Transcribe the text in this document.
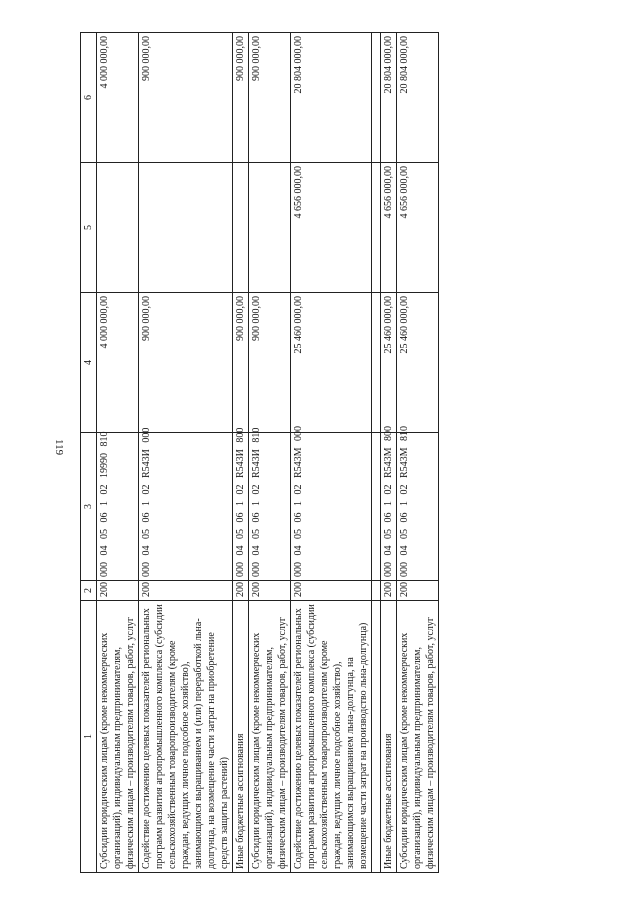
119
1	2	3	4	5	6
Субсидии юридическим лицам (кроме некоммерческих организаций), индивидуальным предпринимателям, физическим лицам – производителям товаров, работ, услуг	200	000 04 05 06 1 02 19990 810	4 000 000,00		4 000 000,00
Содействие достижению целевых показателей региональных программ развития агропромышленного комплекса (субсидии сельскохозяйственным товаропроизводителям (кроме граждан, ведущих личное подсобное хозяйство), занимающимся выращиванием и (или) переработкой льна-долгунца, на возмещение части затрат на приобретение средств защиты растений)	200	000 04 05 06 1 02 R543И 000	900 000,00		900 000,00
Иные бюджетные ассигнования	200	000 04 05 06 1 02 R543И 800	900 000,00		900 000,00
Субсидии юридическим лицам (кроме некоммерческих организаций), индивидуальным предпринимателям, физическим лицам – производителям товаров, работ, услуг	200	000 04 05 06 1 02 R543И 810	900 000,00		900 000,00
Содействие достижению целевых показателей региональных программ развития агропромышленного комплекса (субсидии сельскохозяйственным товаропроизводителям (кроме граждан, ведущих личное подсобное хозяйство), занимающимся выращиванием льна-долгунца, на возмещение части затрат на производство льна-долгунца)	200	000 04 05 06 1 02 R543М 000	25 460 000,00	4 656 000,00	20 804 000,00

Иные бюджетные ассигнования	200	000 04 05 06 1 02 R543М 800	25 460 000,00	4 656 000,00	20 804 000,00
Субсидии юридическим лицам (кроме некоммерческих организаций), индивидуальным предпринимателям, физическим лицам – производителям товаров, работ, услуг	200	000 04 05 06 1 02 R543М 810	25 460 000,00	4 656 000,00	20 804 000,00
